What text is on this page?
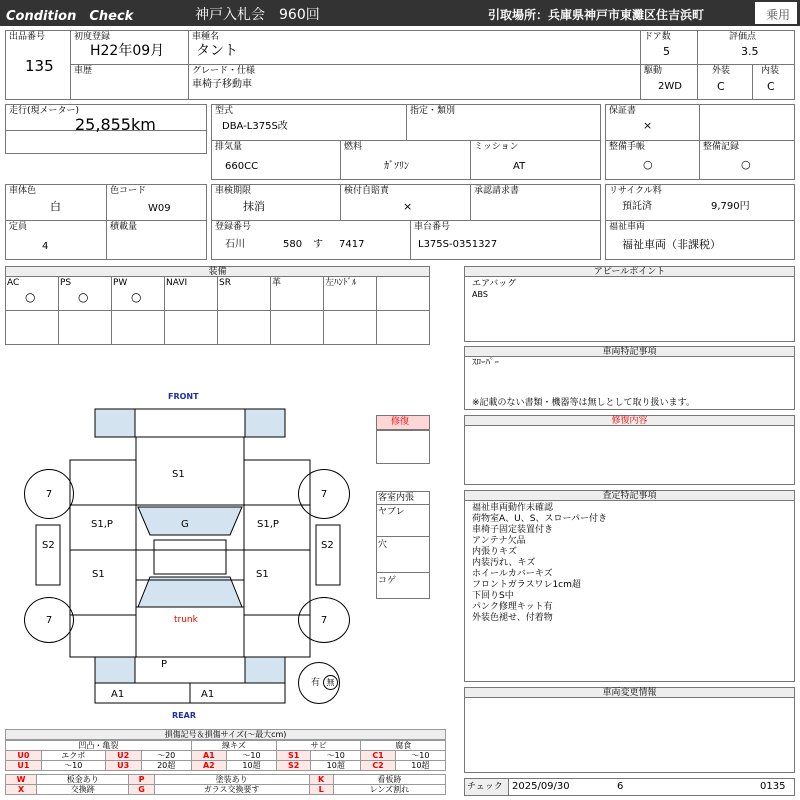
Condition　Check	神戸入札会　960回	引取場所：兵庫県神戸市東灘区住吉浜町	乗用
出品番号
135
初度登録
H22年09月
車種名
タント
ドア数
5
評価点
3.5
車歴	グレード・仕様
車椅子移動車
駆動
2WD
外装
C
内装
C
走行(現メーター)
25,855km
型式
DBA-L375S改
指定・類別
排気量
660CC
燃料
ｶﾞｿﾘﾝ
ミッション
AT
保証書
×
整備手帳
○
整備記録
○
車体色
白
色コード
W09
定員
4
積載量
車検期限
抹消
検付自賠責
×
承認請求書
登録番号
石川	580 す 7417
車台番号
L375S-0351327
リサイクル料
預託済	9,790円
福祉車両
福祉車両（非課税）
装備	アピールポイント
エアバッグ
ABS
車両特記事項
ｽﾛｰﾊﾟｰ
※記載のない書類・機器等は無しとして取り扱います。
修復内容
査定特記事項
福祉車両動作未確認
荷物室A、U、S、スローパー付き
車椅子固定装置付き
アンテナ欠品
内張りキズ
内装汚れ、キズ
ホイールカバーキズ
フロントガラスワレ1cm超
下回りS中
パンク修理キット有
外装色褪せ、付着物
車両変更情報
チェック 2025/09/30	6	0135
FRONT
REAR
7	7
7	7
S1
G
S1,P	S1,P
S1	S1
S2	S2
trunk
P
A1	A1
有 無
修復
客室内張
ヤブレ
穴
コゲ
損傷記号＆損傷サイズ(～最大cm)
凹凸・亀裂				線キズ		サビ		腐食	
U0	エクボ	U2	～20	A1	～10	S1	～10	C1	～10
U1	～10	U3	20超	A2	10超	S2	10超	C2	10超
W	板金あり	P	塗装あり	K	看板跡
X	交換跡	G	ガラス交換要す	L	レンズ割れ
AC
○
PS
○
PW
○
NAVI	SR	革	左ﾊﾝﾄﾞﾙ
